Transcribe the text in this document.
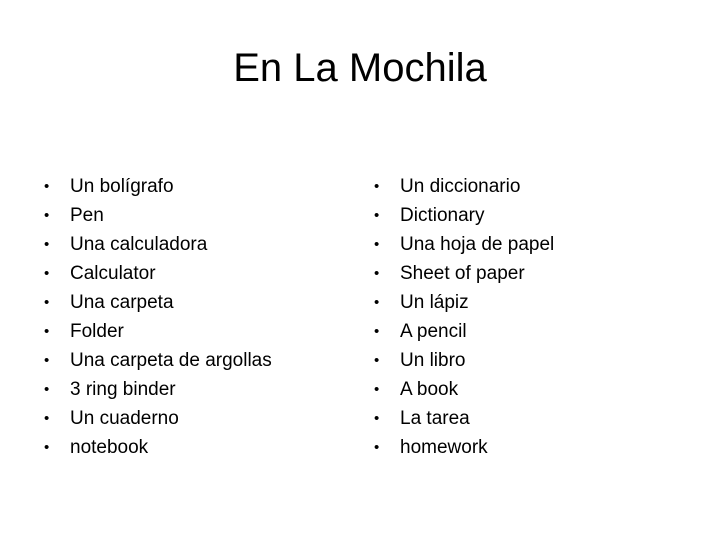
En La Mochila
• Un bolígrafo
• Pen
• Una calculadora
• Calculator
• Una carpeta
• Folder
• Una carpeta de argollas
• 3 ring binder
• Un cuaderno
• notebook
• Un diccionario
• Dictionary
• Una hoja de papel
• Sheet of paper
• Un lápiz
• A pencil
• Un libro
• A book
• La tarea
• homework
